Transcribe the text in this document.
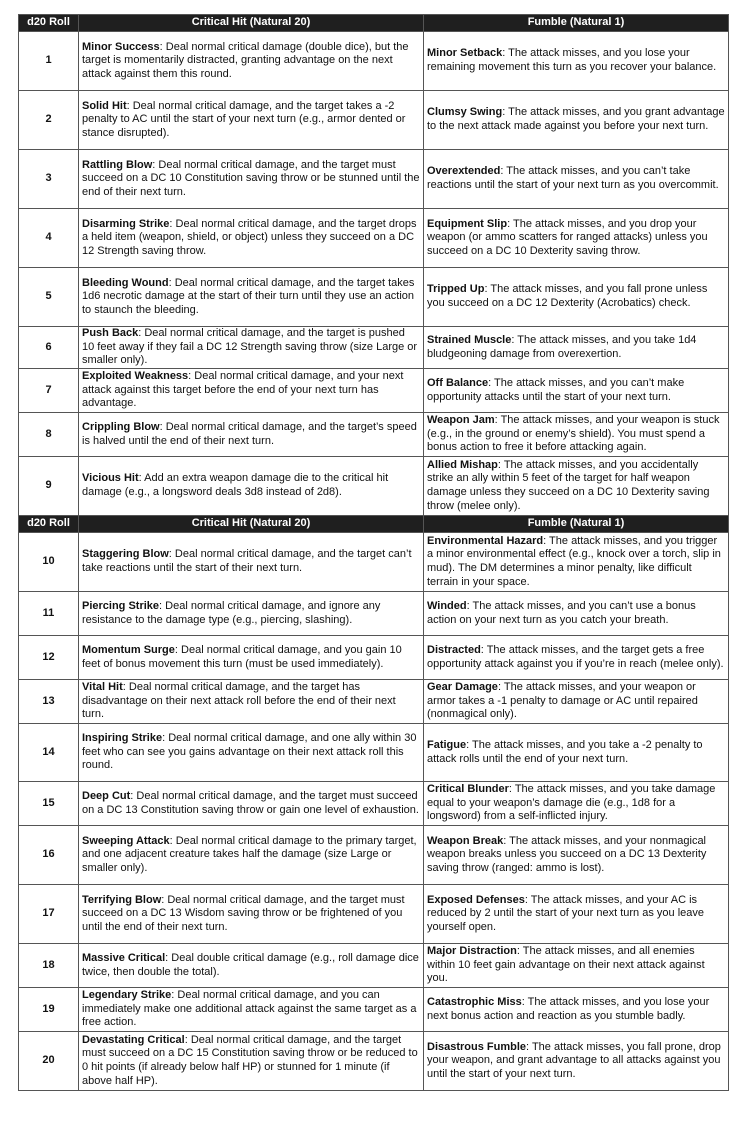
d20 Roll	Critical Hit (Natural 20)	Fumble (Natural 1)
1	Minor Success: Deal normal critical damage (double dice), but the target is momentarily distracted, granting advantage on the next attack against them this round.	Minor Setback: The attack misses, and you lose your remaining movement this turn as you recover your balance.
2	Solid Hit: Deal normal critical damage, and the target takes a -2 penalty to AC until the start of your next turn (e.g., armor dented or stance disrupted).	Clumsy Swing: The attack misses, and you grant advantage to the next attack made against you before your next turn.
3	Rattling Blow: Deal normal critical damage, and the target must succeed on a DC 10 Constitution saving throw or be stunned until the end of their next turn.	Overextended: The attack misses, and you can’t take reactions until the start of your next turn as you overcommit.
4	Disarming Strike: Deal normal critical damage, and the target drops a held item (weapon, shield, or object) unless they succeed on a DC 12 Strength saving throw.	Equipment Slip: The attack misses, and you drop your weapon (or ammo scatters for ranged attacks) unless you succeed on a DC 10 Dexterity saving throw.
5	Bleeding Wound: Deal normal critical damage, and the target takes 1d6 necrotic damage at the start of their turn until they use an action to staunch the bleeding.	Tripped Up: The attack misses, and you fall prone unless you succeed on a DC 12 Dexterity (Acrobatics) check.
6	Push Back: Deal normal critical damage, and the target is pushed 10 feet away if they fail a DC 12 Strength saving throw (size Large or smaller only).	Strained Muscle: The attack misses, and you take 1d4 bludgeoning damage from overexertion.
7	Exploited Weakness: Deal normal critical damage, and your next attack against this target before the end of your next turn has advantage.	Off Balance: The attack misses, and you can’t make opportunity attacks until the start of your next turn.
8	Crippling Blow: Deal normal critical damage, and the target’s speed is halved until the end of their next turn.	Weapon Jam: The attack misses, and your weapon is stuck (e.g., in the ground or enemy’s shield). You must spend a bonus action to free it before attacking again.
9	Vicious Hit: Add an extra weapon damage die to the critical hit damage (e.g., a longsword deals 3d8 instead of 2d8).	Allied Mishap: The attack misses, and you accidentally strike an ally within 5 feet of the target for half weapon damage unless they succeed on a DC 10 Dexterity saving throw (melee only).
d20 Roll	Critical Hit (Natural 20)	Fumble (Natural 1)
10	Staggering Blow: Deal normal critical damage, and the target can’t take reactions until the start of their next turn.	Environmental Hazard: The attack misses, and you trigger a minor environmental effect (e.g., knock over a torch, slip in mud). The DM determines a minor penalty, like difficult terrain in your space.
11	Piercing Strike: Deal normal critical damage, and ignore any resistance to the damage type (e.g., piercing, slashing).	Winded: The attack misses, and you can’t use a bonus action on your next turn as you catch your breath.
12	Momentum Surge: Deal normal critical damage, and you gain 10 feet of bonus movement this turn (must be used immediately).	Distracted: The attack misses, and the target gets a free opportunity attack against you if you’re in reach (melee only).
13	Vital Hit: Deal normal critical damage, and the target has disadvantage on their next attack roll before the end of their next turn.	Gear Damage: The attack misses, and your weapon or armor takes a -1 penalty to damage or AC until repaired (nonmagical only).
14	Inspiring Strike: Deal normal critical damage, and one ally within 30 feet who can see you gains advantage on their next attack roll this round.	Fatigue: The attack misses, and you take a -2 penalty to attack rolls until the end of your next turn.
15	Deep Cut: Deal normal critical damage, and the target must succeed on a DC 13 Constitution saving throw or gain one level of exhaustion.	Critical Blunder: The attack misses, and you take damage equal to your weapon’s damage die (e.g., 1d8 for a longsword) from a self-inflicted injury.
16	Sweeping Attack: Deal normal critical damage to the primary target, and one adjacent creature takes half the damage (size Large or smaller only).	Weapon Break: The attack misses, and your nonmagical weapon breaks unless you succeed on a DC 13 Dexterity saving throw (ranged: ammo is lost).
17	Terrifying Blow: Deal normal critical damage, and the target must succeed on a DC 13 Wisdom saving throw or be frightened of you until the end of their next turn.	Exposed Defenses: The attack misses, and your AC is reduced by 2 until the start of your next turn as you leave yourself open.
18	Massive Critical: Deal double critical damage (e.g., roll damage dice twice, then double the total).	Major Distraction: The attack misses, and all enemies within 10 feet gain advantage on their next attack against you.
19	Legendary Strike: Deal normal critical damage, and you can immediately make one additional attack against the same target as a free action.	Catastrophic Miss: The attack misses, and you lose your next bonus action and reaction as you stumble badly.
20	Devastating Critical: Deal normal critical damage, and the target must succeed on a DC 15 Constitution saving throw or be reduced to 0 hit points (if already below half HP) or stunned for 1 minute (if above half HP).	Disastrous Fumble: The attack misses, you fall prone, drop your weapon, and grant advantage to all attacks against you until the start of your next turn.
